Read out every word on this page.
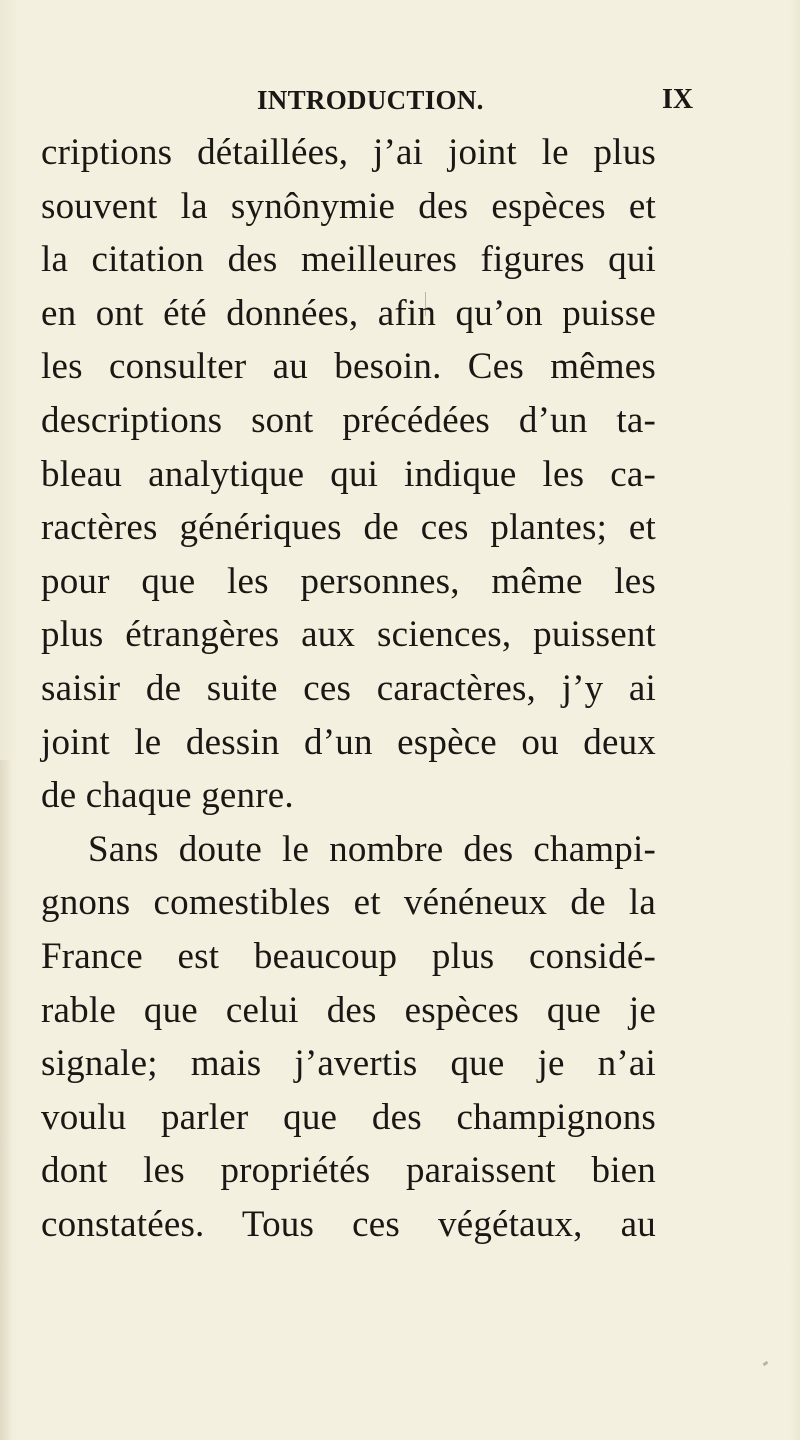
INTRODUCTION.	IX
criptions détaillées, j’ai joint le plus
souvent la synônymie des espèces et
la citation des meilleures figures qui
en ont été données, afin qu’on puisse
les consulter au besoin. Ces mêmes
descriptions sont précédées d’un ta-
bleau analytique qui indique les ca-
ractères génériques de ces plantes; et
pour que les personnes, même les
plus étrangères aux sciences, puissent
saisir de suite ces caractères, j’y ai
joint le dessin d’un espèce ou deux
de chaque genre.
Sans doute le nombre des champi-
gnons comestibles et vénéneux de la
France est beaucoup plus considé-
rable que celui des espèces que je
signale; mais j’avertis que je n’ai
voulu parler que des champignons
dont les propriétés paraissent bien
constatées. Tous ces végétaux, au
